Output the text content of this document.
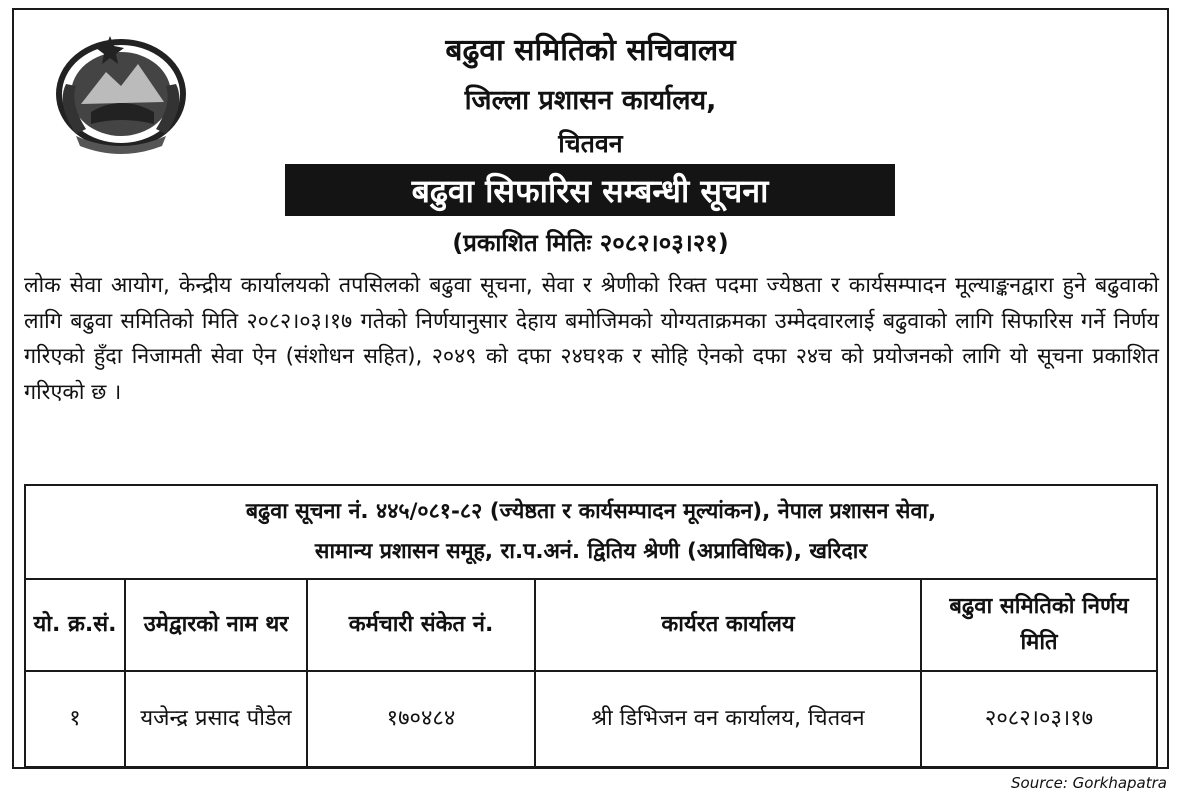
बढुवा समितिको सचिवालय
जिल्ला प्रशासन कार्यालय,
चितवन
बढुवा सिफारिस सम्बन्धी सूचना
(प्रकाशित मितिः २०८२।०३।२१)
लोक सेवा आयोग, केन्द्रीय कार्यालयको तपसिलको बढुवा सूचना, सेवा र श्रेणीको रिक्त पदमा ज्येष्ठता र कार्यसम्पादन मूल्याङ्कनद्वारा हुने बढुवाको लागि बढुवा समितिको मिति २०८२।०३।१७ गतेको निर्णयानुसार देहाय बमोजिमको योग्यताक्रमका उम्मेदवारलाई बढुवाको लागि सिफारिस गर्ने निर्णय गरिएको हुँदा निजामती सेवा ऐन (संशोधन सहित), २०४९ को दफा २४घ१क र सोहि ऐनको दफा २४च को प्रयोजनको लागि यो सूचना प्रकाशित गरिएको छ ।
बढुवा सूचना नं. ४४५/०८१-८२ (ज्येष्ठता र कार्यसम्पादन मूल्यांकन), नेपाल प्रशासन सेवा,
सामान्य प्रशासन समूह, रा.प.अनं. द्वितिय श्रेणी (अप्राविधिक), खरिदार				

यो. क्र.सं.	उमेद्वारको नाम थर	कर्मचारी संकेत नं.	कार्यरत कार्यालय	बढुवा समितिको निर्णय मिति
१	यजेन्द्र प्रसाद पौडेल	१७०४८४	श्री डिभिजन वन कार्यालय, चितवन	२०८२।०३।१७
Source: Gorkhapatra
